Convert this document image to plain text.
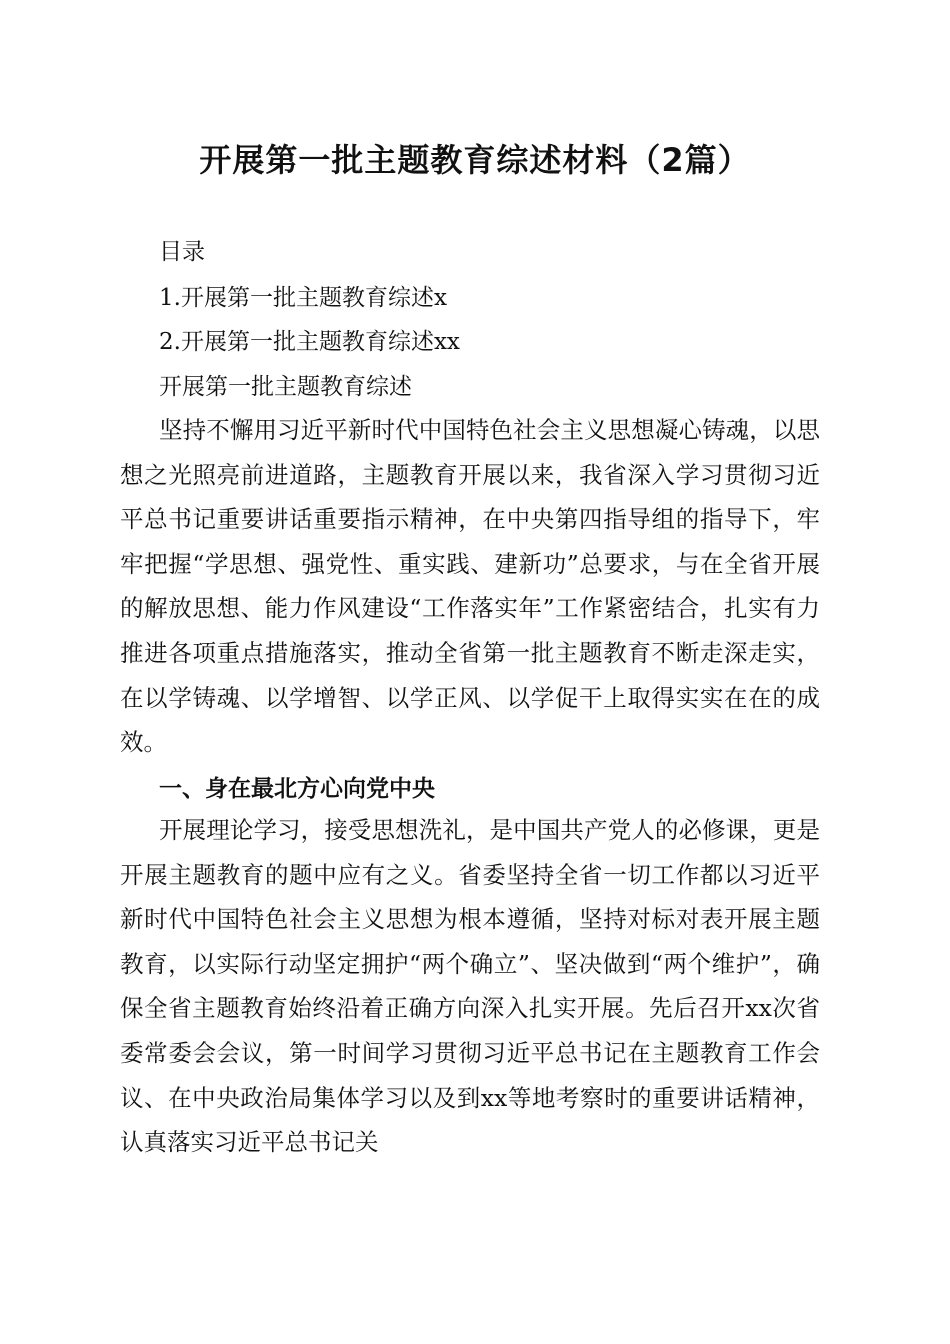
开展第一批主题教育综述材料（2篇）
目录
1.开展第一批主题教育综述x
2.开展第一批主题教育综述xx
开展第一批主题教育综述
坚持不懈用习近平新时代中国特色社会主义思想凝心铸魂，以思想之光照亮前进道路，主题教育开展以来，我省深入学习贯彻习近平总书记重要讲话重要指示精神，在中央第四指导组的指导下，牢牢把握“学思想、强党性、重实践、建新功”总要求，与在全省开展的解放思想、能力作风建设“工作落实年”工作紧密结合，扎实有力推进各项重点措施落实，推动全省第一批主题教育不断走深走实，在以学铸魂、以学增智、以学正风、以学促干上取得实实在在的成效。
一、身在最北方心向党中央
开展理论学习，接受思想洗礼，是中国共产党人的必修课，更是开展主题教育的题中应有之义。省委坚持全省一切工作都以习近平新时代中国特色社会主义思想为根本遵循，坚持对标对表开展主题教育，以实际行动坚定拥护“两个确立”、坚决做到“两个维护”，确保全省主题教育始终沿着正确方向深入扎实开展。先后召开xx次省委常委会会议，第一时间学习贯彻习近平总书记在主题教育工作会议、在中央政治局集体学习以及到xx等地考察时的重要讲话精神，认真落实习近平总书记关
